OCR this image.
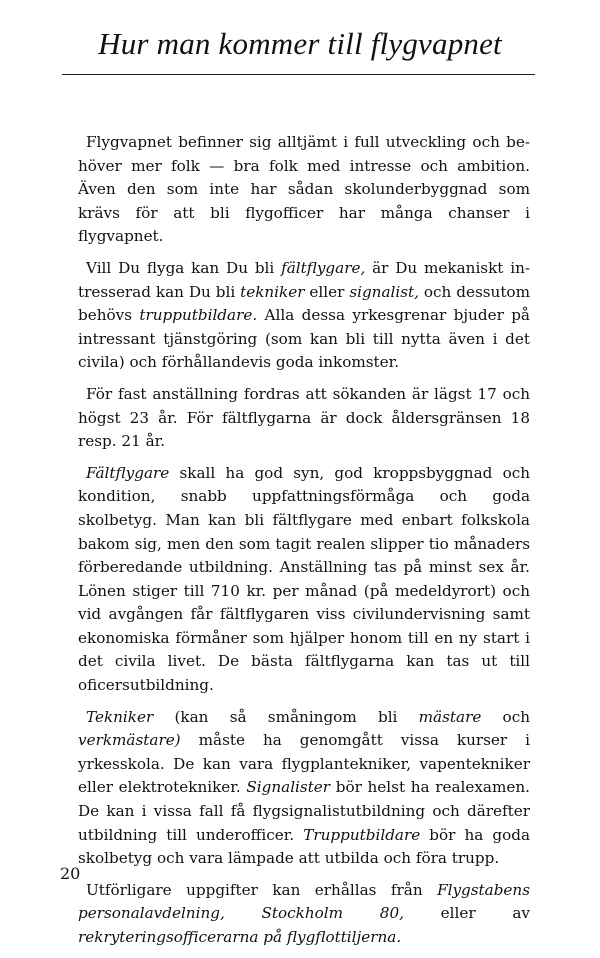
Hur man kommer till flygvapnet

Flygvapnet befinner sig alltjämt i full utveckling och behöver mer folk — bra folk med intresse och ambition. Även den som inte har sådan skolunderbyggnad som krävs för att bli flygofficer har många chanser i flygvapnet.

Vill Du flyga kan Du bli fältflygare, är Du mekaniskt intresserad kan Du bli tekniker eller signalist, och dessutom behövs trupputbildare. Alla dessa yrkesgrenar bjuder på intressant tjänstgöring (som kan bli till nytta även i det civila) och förhållandevis goda inkomster.

För fast anställning fordras att sökanden är lägst 17 och högst 23 år. För fältflygarna är dock åldersgränsen 18 resp. 21 år.

Fältflygare skall ha god syn, god kroppsbyggnad och kondition, snabb uppfattningsförmåga och goda skolbetyg. Man kan bli fältflygare med enbart folkskola bakom sig, men den som tagit realen slipper tio månaders förberedande utbildning. Anställning tas på minst sex år. Lönen stiger till 710 kr. per månad (på medeldyrort) och vid avgången får fältflygaren viss civilundervisning samt ekonomiska förmåner som hjälper honom till en ny start i det civila livet. De bästa fältflygarna kan tas ut till oficersutbildning.

Tekniker (kan så småningom bli mästare och verkmästare) måste ha genomgått vissa kurser i yrkesskola. De kan vara flygplantekniker, vapentekniker eller elektrotekniker. Signalister bör helst ha realexamen. De kan i vissa fall få flygsignalistutbildning och därefter utbildning till underofficer. Trupputbildare bör ha goda skolbetyg och vara lämpade att utbilda och föra trupp.

Utförligare uppgifter kan erhållas från Flygstabens personalavdelning, Stockholm 80, eller av rekryteringsofficerarna på flygflottiljerna.

20
